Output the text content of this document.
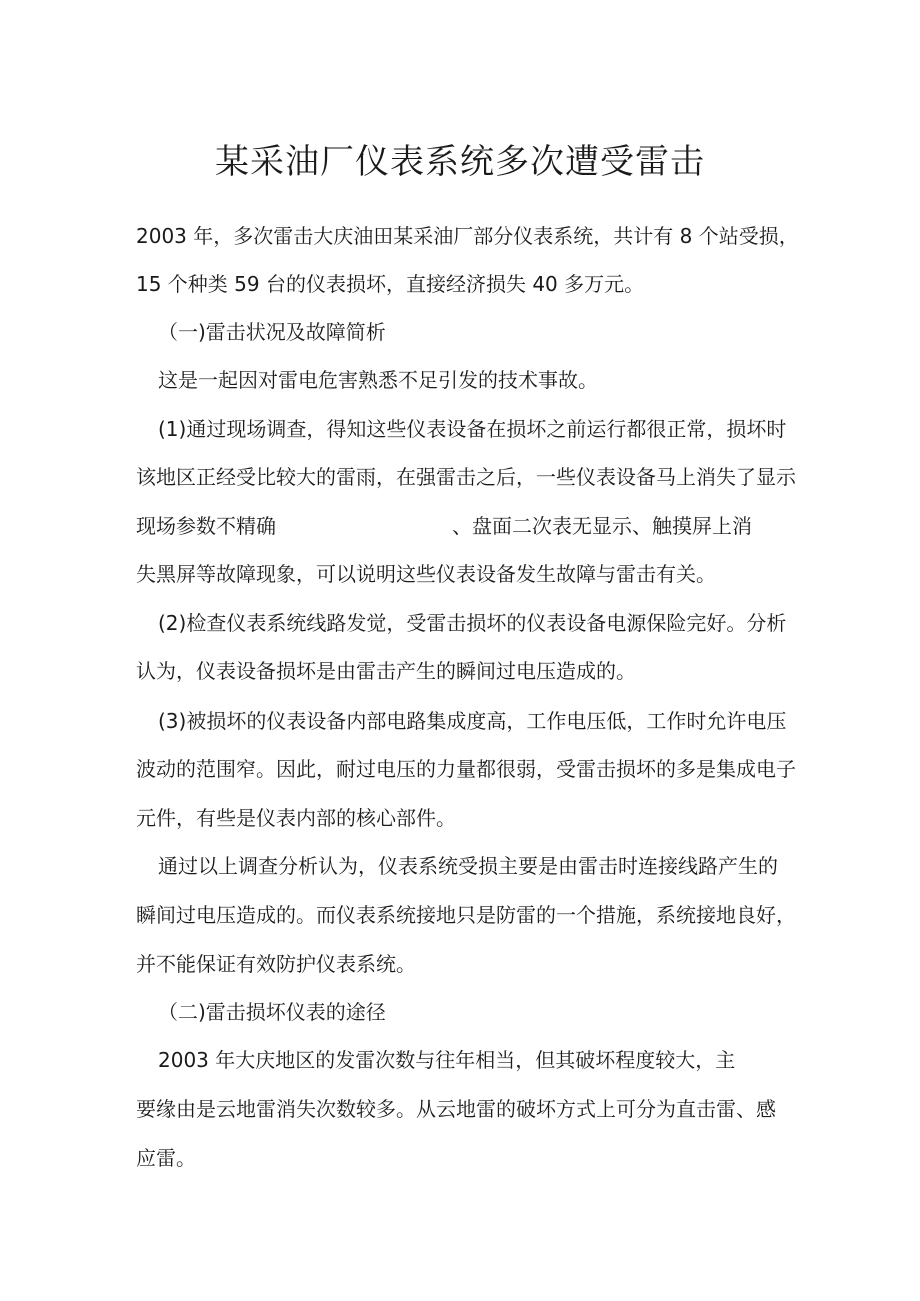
某采油厂仪表系统多次遭受雷击
2003 年，多次雷击大庆油田某采油厂部分仪表系统，共计有 8 个站受损，
15 个种类 59 台的仪表损坏，直接经济损失 40 多万元。
（一)雷击状况及故障简析
这是一起因对雷电危害熟悉不足引发的技术事故。
(1)通过现场调查，得知这些仪表设备在损坏之前运行都很正常，损坏时
该地区正经受比较大的雷雨，在强雷击之后，一些仪表设备马上消失了显示
现场参数不精确	、盘面二次表无显示、触摸屏上消
失黑屏等故障现象，可以说明这些仪表设备发生故障与雷击有关。
(2)检查仪表系统线路发觉，受雷击损坏的仪表设备电源保险完好。分析
认为，仪表设备损坏是由雷击产生的瞬间过电压造成的。
(3)被损坏的仪表设备内部电路集成度高，工作电压低，工作时允许电压
波动的范围窄。因此，耐过电压的力量都很弱，受雷击损坏的多是集成电子
元件，有些是仪表内部的核心部件。
通过以上调查分析认为，仪表系统受损主要是由雷击时连接线路产生的
瞬间过电压造成的。而仪表系统接地只是防雷的一个措施，系统接地良好，
并不能保证有效防护仪表系统。
（二)雷击损坏仪表的途径
2003 年大庆地区的发雷次数与往年相当，但其破坏程度较大，主
要缘由是云地雷消失次数较多。从云地雷的破坏方式上可分为直击雷、感
应雷。
